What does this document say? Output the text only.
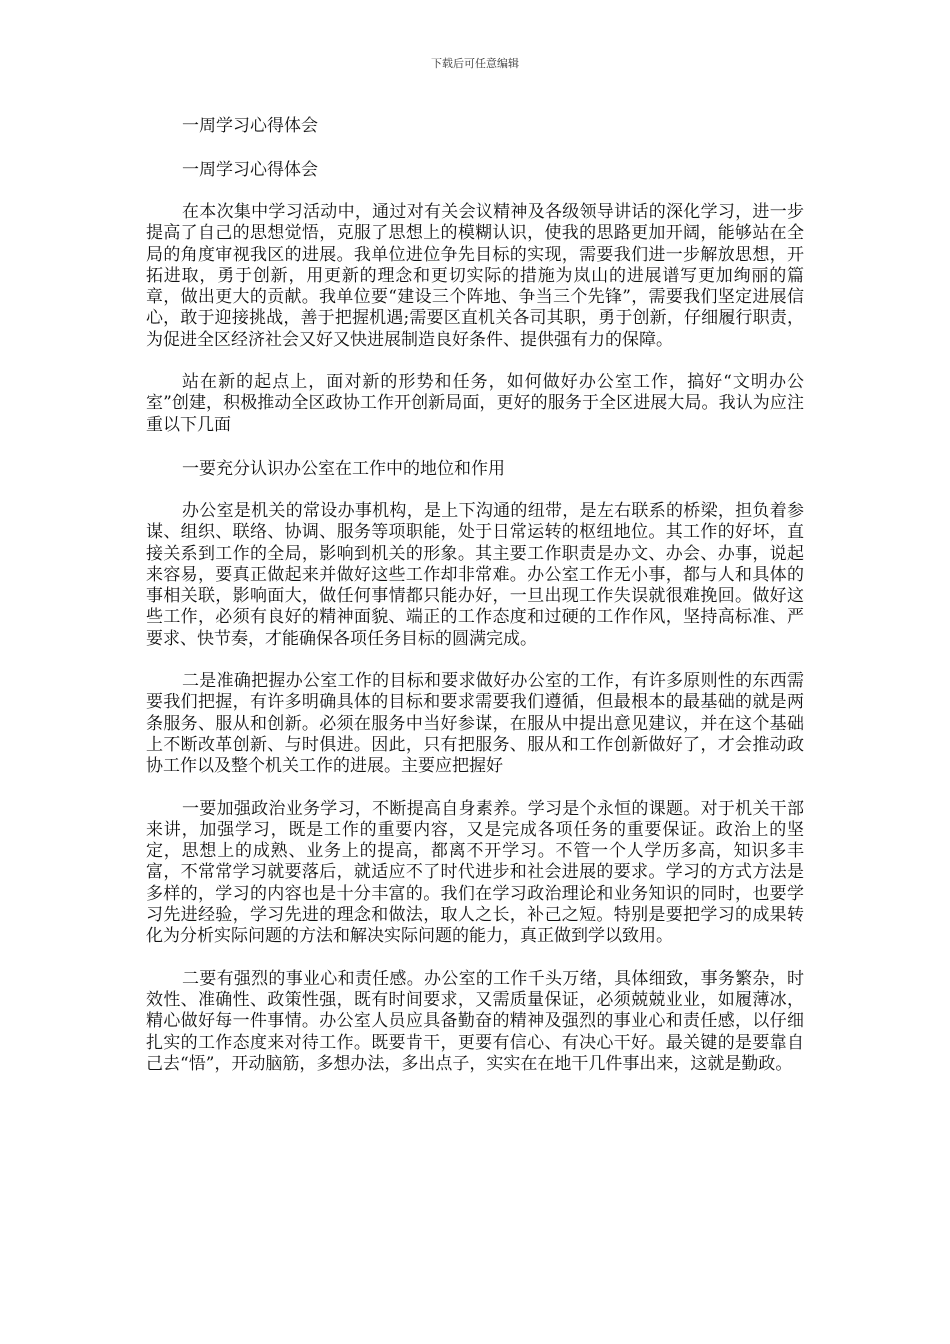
下载后可任意编辑

一周学习心得体会

一周学习心得体会

在本次集中学习活动中，通过对有关会议精神及各级领导讲话的深化学习，进一步提高了自己的思想觉悟，克服了思想上的模糊认识，使我的思路更加开阔，能够站在全局的角度审视我区的进展。我单位进位争先目标的实现，需要我们进一步解放思想，开拓进取，勇于创新，用更新的理念和更切实际的措施为岚山的进展谱写更加绚丽的篇章，做出更大的贡献。我单位要“建设三个阵地、争当三个先锋”，需要我们坚定进展信心，敢于迎接挑战，善于把握机遇;需要区直机关各司其职，勇于创新，仔细履行职责，为促进全区经济社会又好又快进展制造良好条件、提供强有力的保障。

站在新的起点上，面对新的形势和任务，如何做好办公室工作，搞好“文明办公室”创建，积极推动全区政协工作开创新局面，更好的服务于全区进展大局。我认为应注重以下几面

一要充分认识办公室在工作中的地位和作用

办公室是机关的常设办事机构，是上下沟通的纽带，是左右联系的桥梁，担负着参谋、组织、联络、协调、服务等项职能，处于日常运转的枢纽地位。其工作的好坏，直接关系到工作的全局，影响到机关的形象。其主要工作职责是办文、办会、办事，说起来容易，要真正做起来并做好这些工作却非常难。办公室工作无小事，都与人和具体的事相关联，影响面大，做任何事情都只能办好，一旦出现工作失误就很难挽回。做好这些工作，必须有良好的精神面貌、端正的工作态度和过硬的工作作风，坚持高标准、严要求、快节奏，才能确保各项任务目标的圆满完成。

二是准确把握办公室工作的目标和要求做好办公室的工作，有许多原则性的东西需要我们把握，有许多明确具体的目标和要求需要我们遵循，但最根本的最基础的就是两条服务、服从和创新。必须在服务中当好参谋，在服从中提出意见建议，并在这个基础上不断改革创新、与时俱进。因此，只有把服务、服从和工作创新做好了，才会推动政协工作以及整个机关工作的进展。主要应把握好

一要加强政治业务学习，不断提高自身素养。学习是个永恒的课题。对于机关干部来讲，加强学习，既是工作的重要内容，又是完成各项任务的重要保证。政治上的坚定，思想上的成熟、业务上的提高，都离不开学习。不管一个人学历多高，知识多丰富，不常常学习就要落后，就适应不了时代进步和社会进展的要求。学习的方式方法是多样的，学习的内容也是十分丰富的。我们在学习政治理论和业务知识的同时，也要学习先进经验，学习先进的理念和做法，取人之长，补己之短。特别是要把学习的成果转化为分析实际问题的方法和解决实际问题的能力，真正做到学以致用。

二要有强烈的事业心和责任感。办公室的工作千头万绪，具体细致，事务繁杂，时效性、准确性、政策性强，既有时间要求，又需质量保证，必须兢兢业业，如履薄冰，精心做好每一件事情。办公室人员应具备勤奋的精神及强烈的事业心和责任感，以仔细扎实的工作态度来对待工作。既要肯干，更要有信心、有决心干好。最关键的是要靠自己去“悟”，开动脑筋，多想办法，多出点子，实实在在地干几件事出来，这就是勤政。
